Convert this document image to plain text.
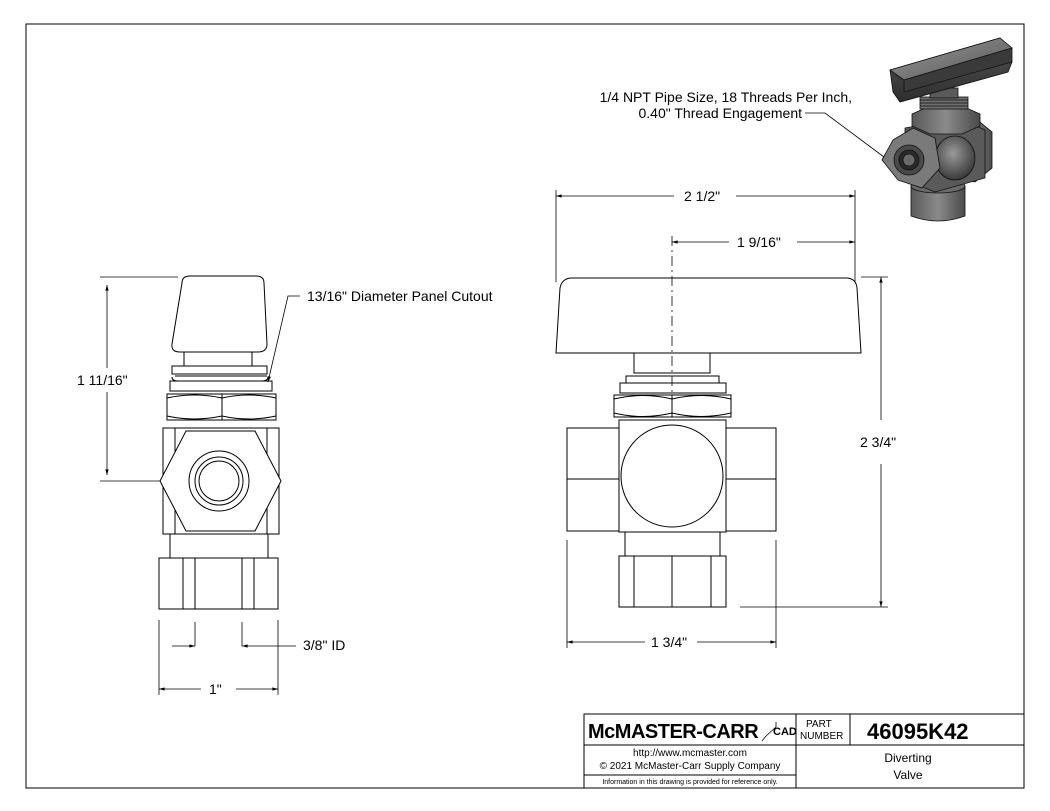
1 11/16"
13/16" Diameter Panel Cutout
3/8" ID
1"
2 1/2"
1 9/16"
2 3/4"
1 3/4"
1/4 NPT Pipe Size, 18 Threads Per Inch,
0.40" Thread Engagement
McMASTER-CARR CAD
PART
NUMBER 46095K42
http://www.mcmaster.com
© 2021 McMaster-Carr Supply Company
Information in this drawing is provided for reference only.
Diverting
Valve
